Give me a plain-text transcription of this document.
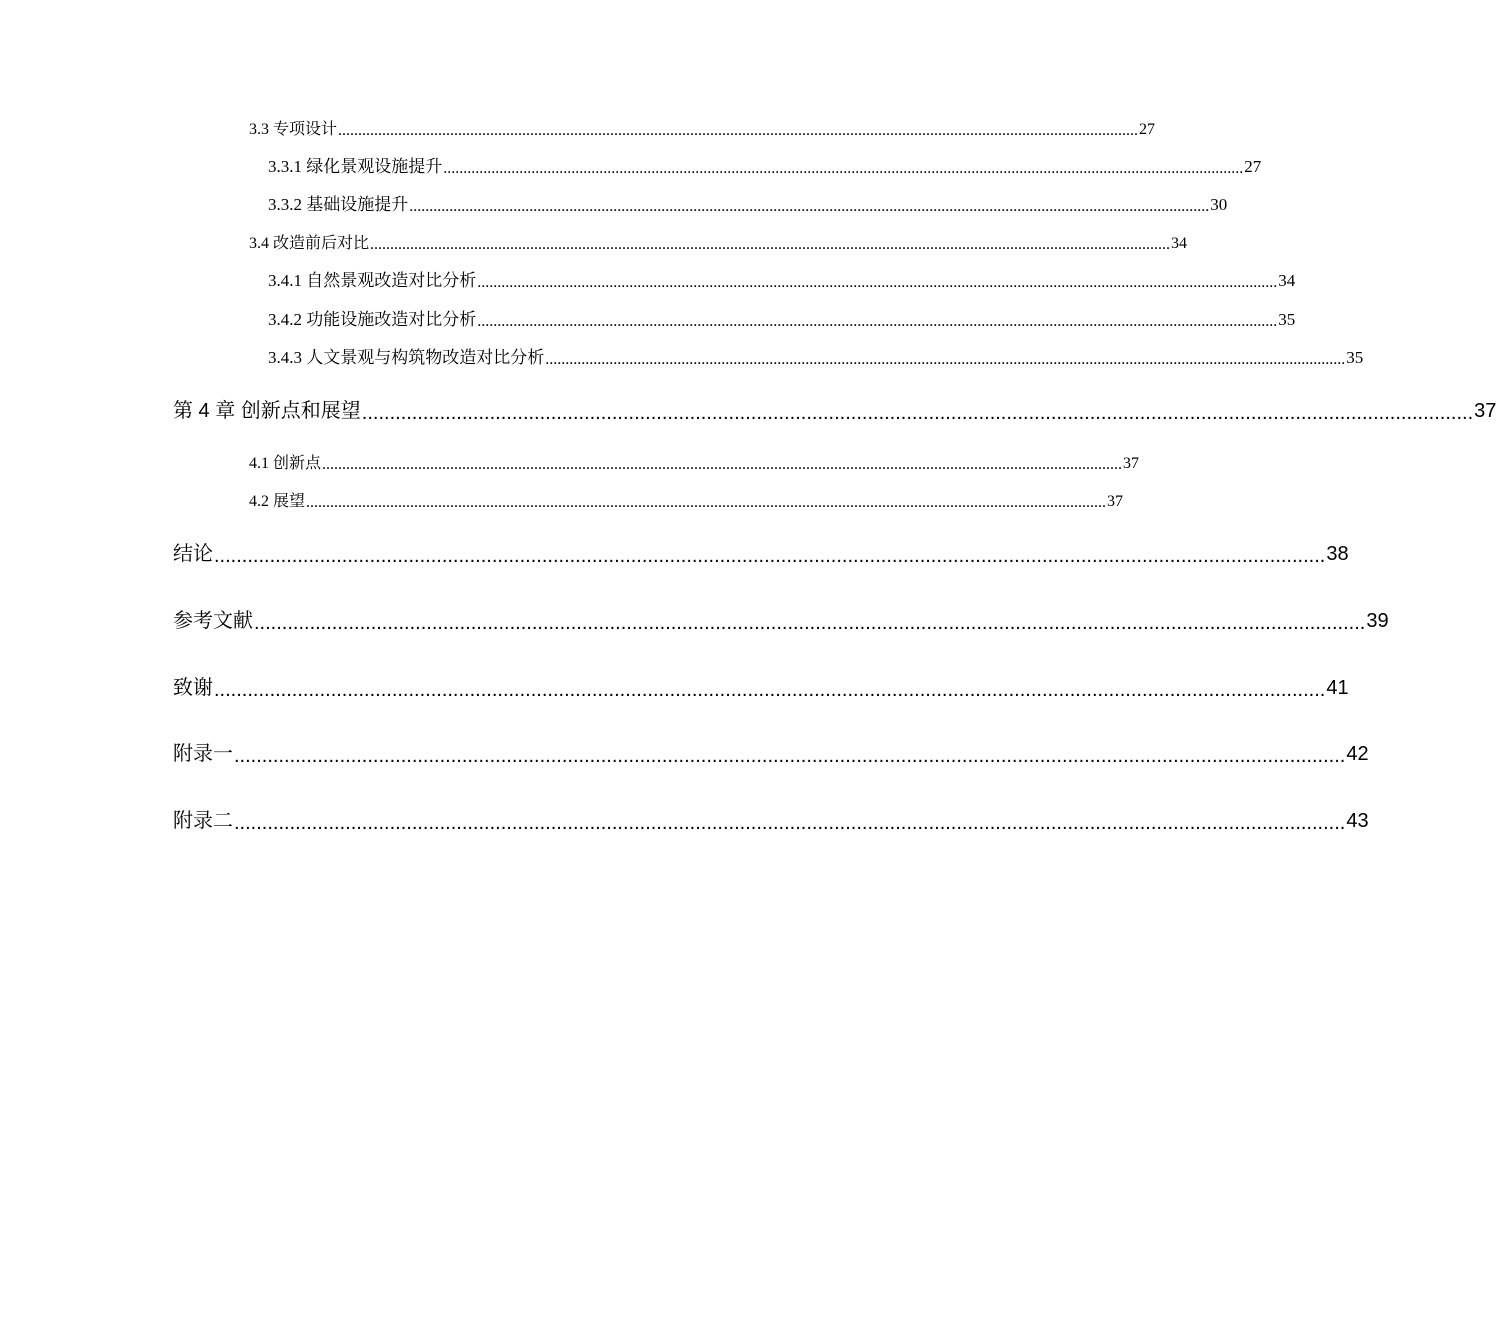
3.3 专项设计 ........................................................................................................................................................................................................ 27
3.3.1 绿化景观设施提升 ........................................................................................................................................................................................................ 27
3.3.2 基础设施提升 ........................................................................................................................................................................................................ 30
3.4 改造前后对比 ........................................................................................................................................................................................................ 34
3.4.1 自然景观改造对比分析 ........................................................................................................................................................................................................ 34
3.4.2 功能设施改造对比分析 ........................................................................................................................................................................................................ 35
3.4.3 人文景观与构筑物改造对比分析 ........................................................................................................................................................................................................ 35
第 4 章 创新点和展望 ........................................................................................................................................................................................................ 37
4.1 创新点 ........................................................................................................................................................................................................ 37
4.2 展望 ........................................................................................................................................................................................................ 37
结论 ........................................................................................................................................................................................................ 38
参考文献 ........................................................................................................................................................................................................ 39
致谢 ........................................................................................................................................................................................................ 41
附录一 ........................................................................................................................................................................................................ 42
附录二 ........................................................................................................................................................................................................ 43
